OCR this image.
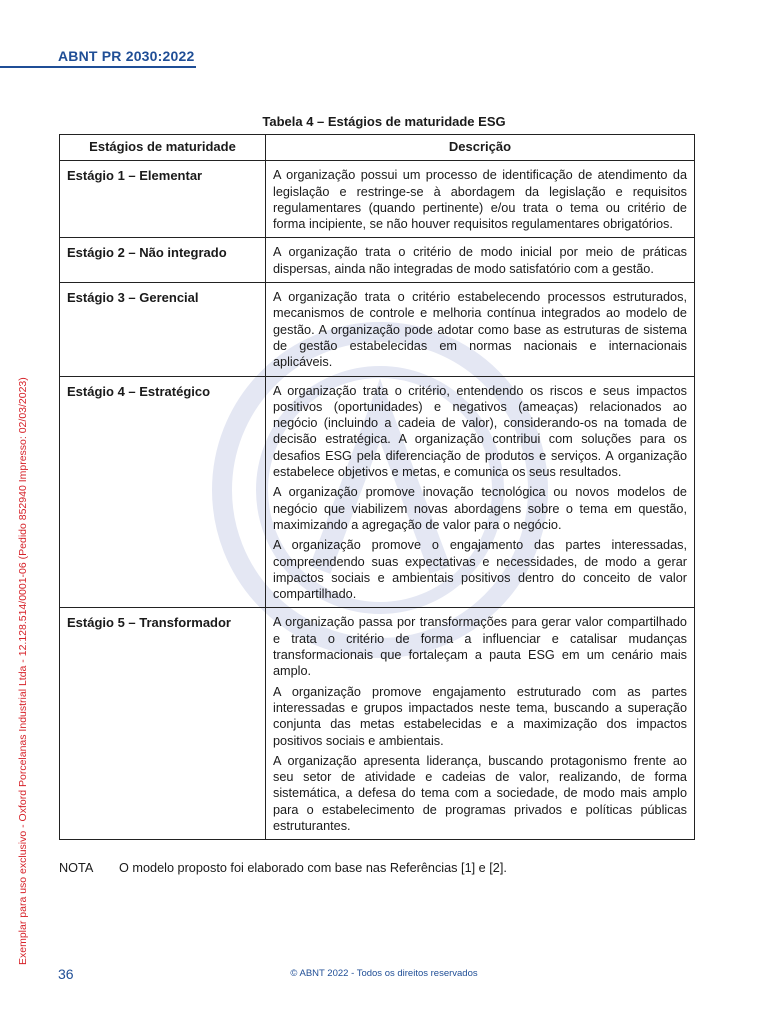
ABNT PR 2030:2022
Exemplar para uso exclusivo - Oxford Porcelanas Industrial Ltda - 12.128.514/0001-06 (Pedido 852940 Impresso: 02/03/2023)
Tabela 4 – Estágios de maturidade ESG
Estágios de maturidade	Descrição
Estágio 1 – Elementar	A organização possui um processo de identificação de atendimento da legislação e restringe-se à abordagem da legislação e requisitos regulamentares (quando pertinente) e/ou trata o tema ou critério de forma incipiente, se não houver requisitos regulamentares obrigatórios.

Estágio 2 – Não integrado	A organização trata o critério de modo inicial por meio de práticas dispersas, ainda não integradas de modo satisfatório com a gestão.

Estágio 3 – Gerencial	A organização trata o critério estabelecendo processos estruturados, mecanismos de controle e melhoria contínua integrados ao modelo de gestão. A organização pode adotar como base as estruturas de sistema de gestão estabelecidas em normas nacionais e internacionais aplicáveis.

Estágio 4 – Estratégico	A organização trata o critério, entendendo os riscos e seus impactos positivos (oportunidades) e negativos (ameaças) relacionados ao negócio (incluindo a cadeia de valor), considerando-os na tomada de decisão estratégica. A organização contribui com soluções para os desafios ESG pela diferenciação de produtos e serviços. A organização estabelece objetivos e metas, e comunica os seus resultados.

A organização promove inovação tecnológica ou novos modelos de negócio que viabilizem novas abordagens sobre o tema em questão, maximizando a agregação de valor para o negócio.

A organização promove o engajamento das partes interessadas, compreendendo suas expectativas e necessidades, de modo a gerar impactos sociais e ambientais positivos dentro do conceito de valor compartilhado.

Estágio 5 – Transformador	A organização passa por transformações para gerar valor compartilhado e trata o critério de forma a influenciar e catalisar mudanças transformacionais que fortaleçam a pauta ESG em um cenário mais amplo.

A organização promove engajamento estruturado com as partes interessadas e grupos impactados neste tema, buscando a superação conjunta das metas estabelecidas e a maximização dos impactos positivos sociais e ambientais.

A organização apresenta liderança, buscando protagonismo frente ao seu setor de atividade e cadeias de valor, realizando, de forma sistemática, a defesa do tema com a sociedade, de modo mais amplo para o estabelecimento de programas privados e políticas públicas estruturantes.

NOTA O modelo proposto foi elaborado com base nas Referências [1] e [2].
36	© ABNT 2022 - Todos os direitos reservados
